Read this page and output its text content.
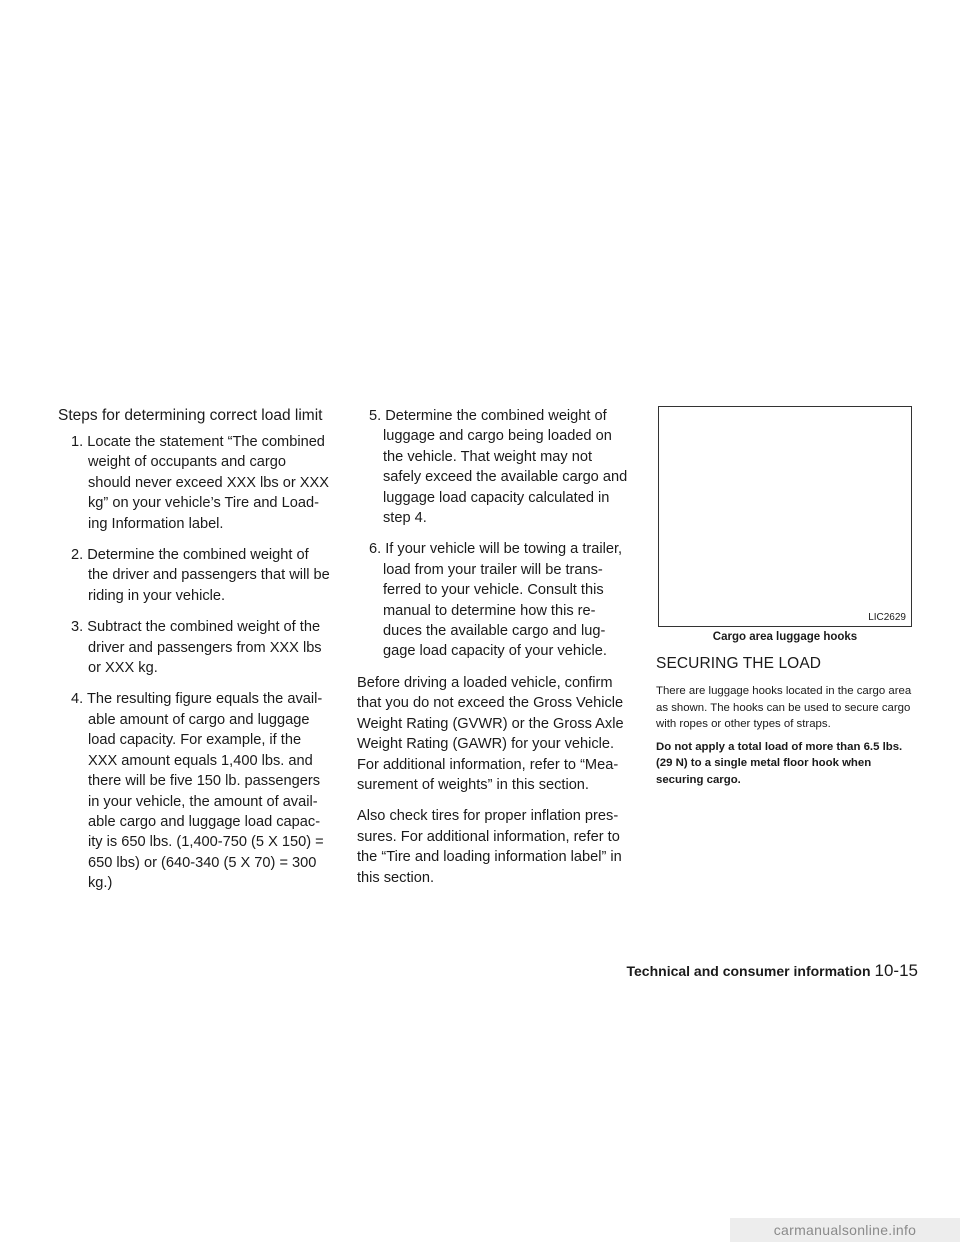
Steps for determining correct load limit
1. Locate the statement “The combined weight of occupants and cargo should never exceed XXX lbs or XXX kg” on your vehicle’s Tire and Load-ing Information label.
2. Determine the combined weight of the driver and passengers that will be riding in your vehicle.
3. Subtract the combined weight of the driver and passengers from XXX lbs or XXX kg.
4. The resulting figure equals the avail-able amount of cargo and luggage load capacity. For example, if the XXX amount equals 1,400 lbs. and there will be five 150 lb. passengers in your vehicle, the amount of avail-able cargo and luggage load capac-ity is 650 lbs. (1,400-750 (5 X 150) = 650 lbs) or (640-340 (5 X 70) = 300 kg.)
5. Determine the combined weight of luggage and cargo being loaded on the vehicle. That weight may not safely exceed the available cargo and luggage load capacity calculated in step 4.
6. If your vehicle will be towing a trailer, load from your trailer will be trans-ferred to your vehicle. Consult this manual to determine how this re-duces the available cargo and lug-gage load capacity of your vehicle.

Before driving a loaded vehicle, confirm that you do not exceed the Gross Vehicle Weight Rating (GVWR) or the Gross Axle Weight Rating (GAWR) for your vehicle. For additional information, refer to “Mea-surement of weights” in this section.

Also check tires for proper inflation pres-sures. For additional information, refer to the “Tire and loading information label” in this section.

LIC2629
Cargo area luggage hooks
SECURING THE LOAD

There are luggage hooks located in the cargo area as shown. The hooks can be used to secure cargo with ropes or other types of straps.

Do not apply a total load of more than 6.5 lbs. (29 N) to a single metal floor hook when securing cargo.

Technical and consumer information 10-15
carmanualsonline.info
